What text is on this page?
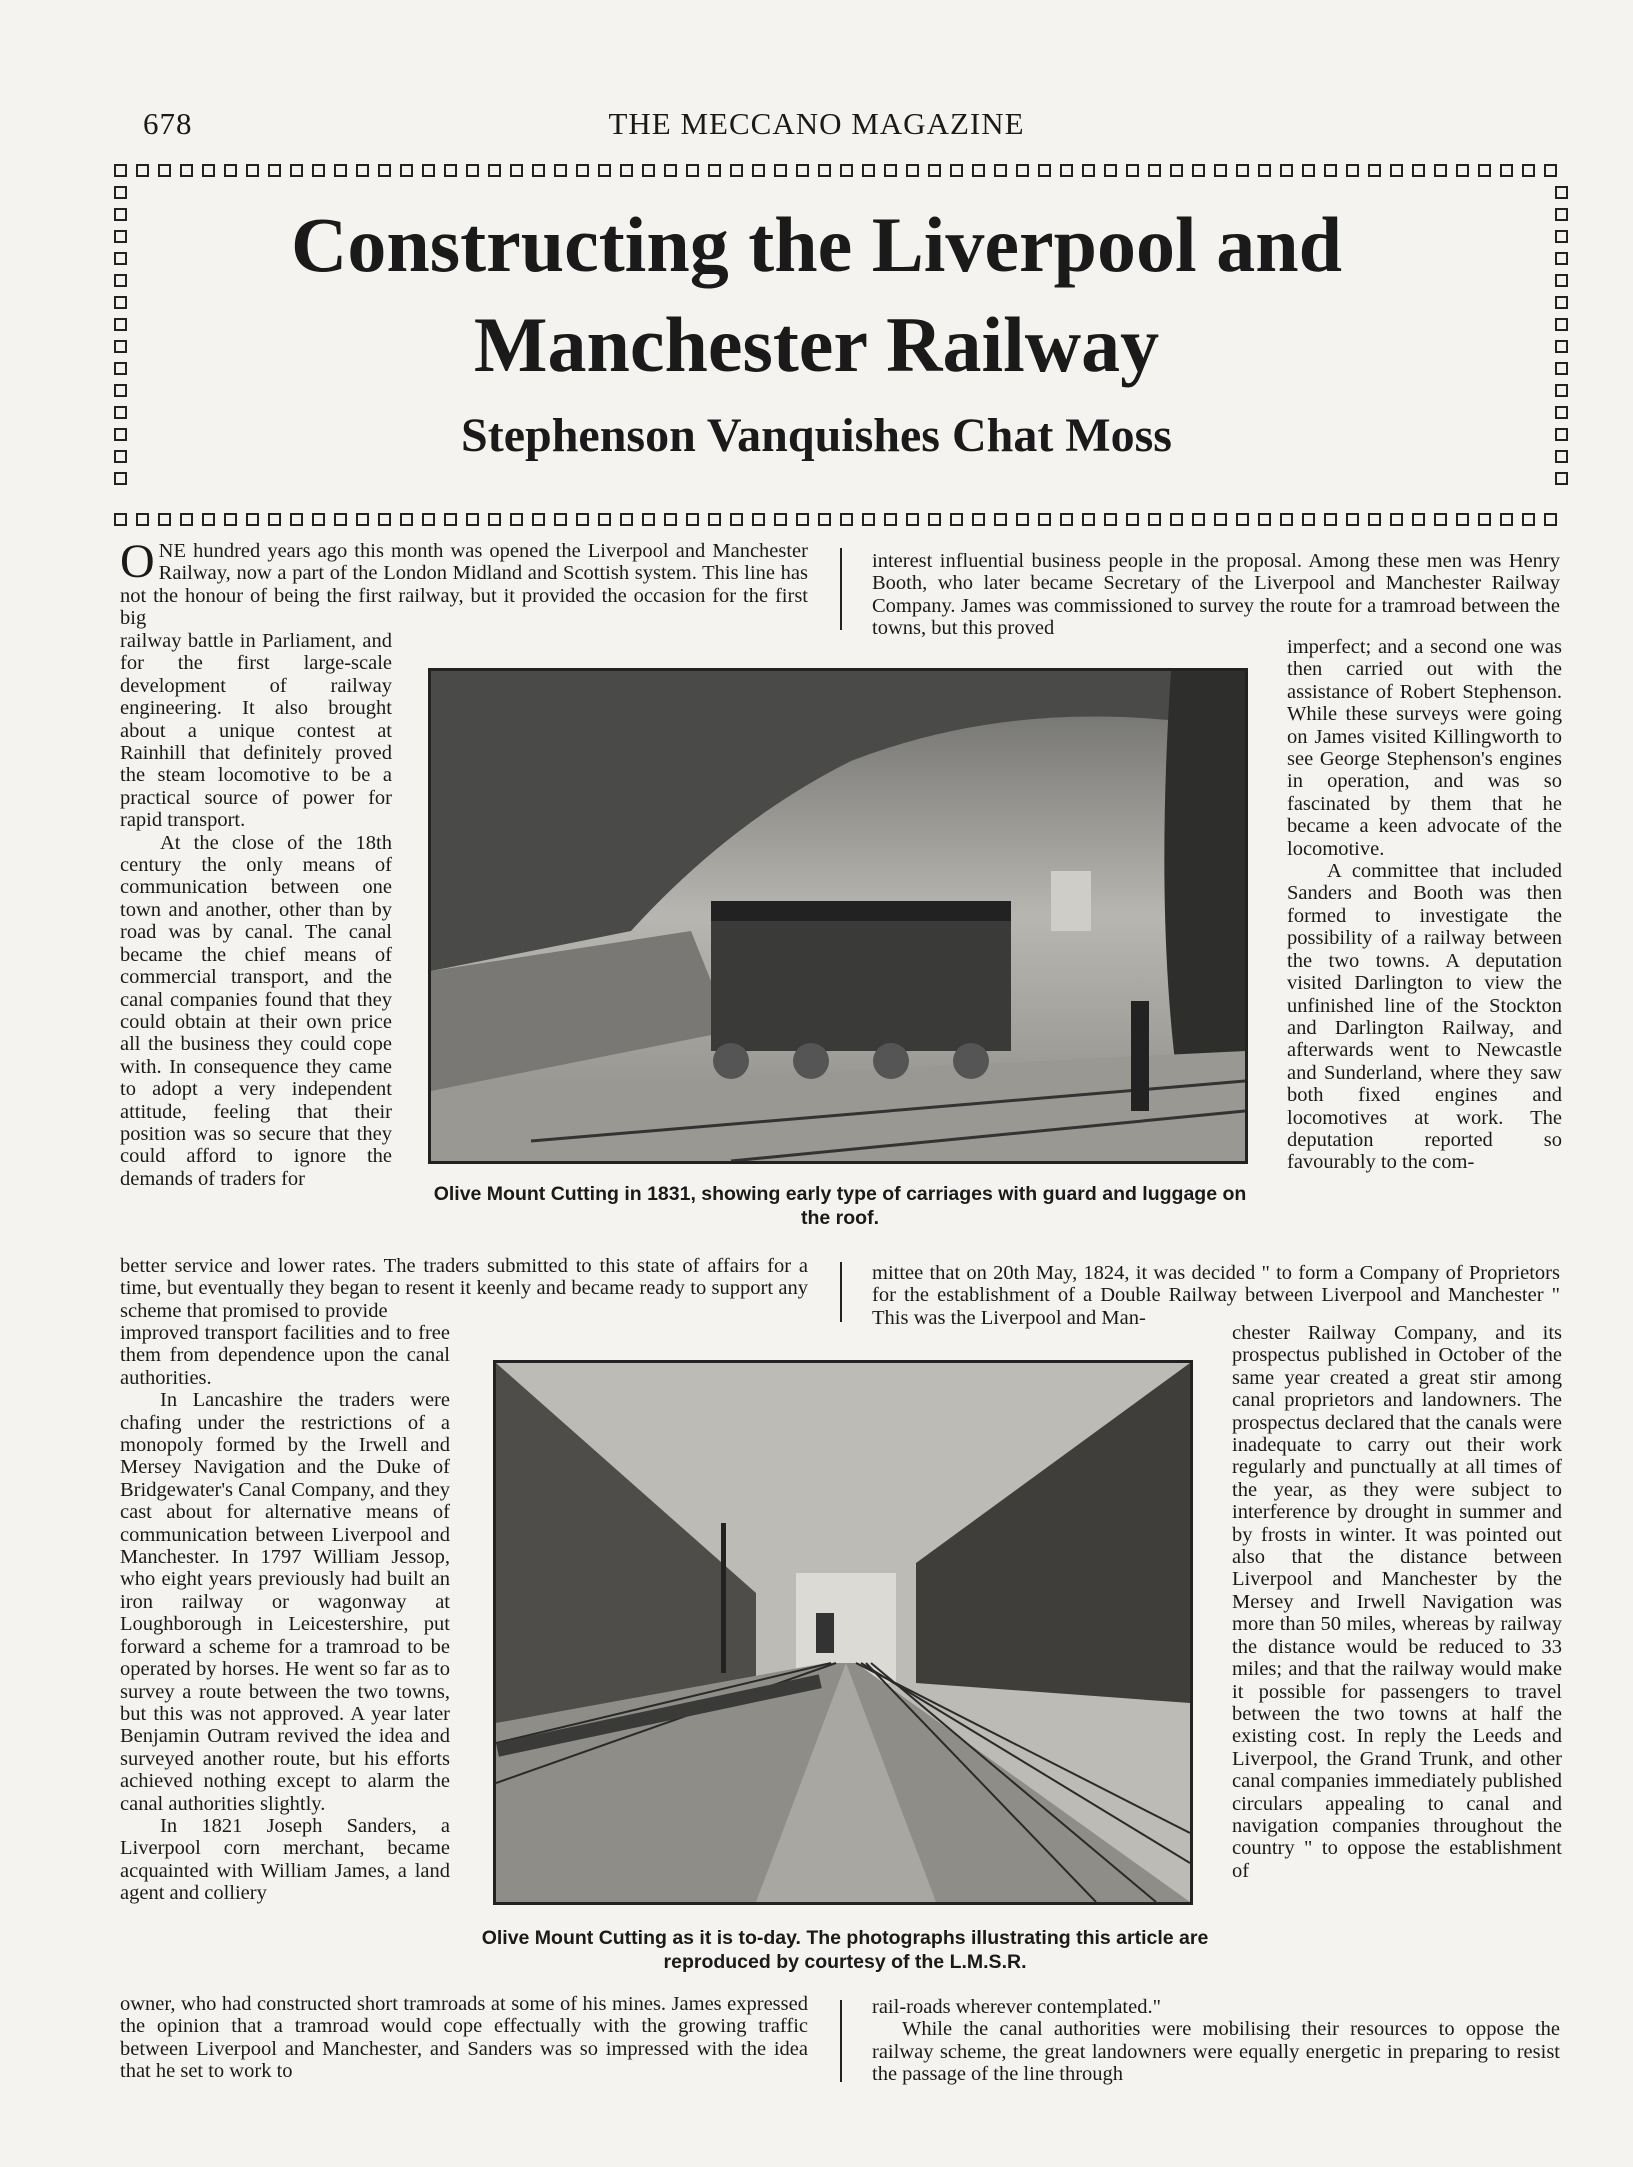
678	THE MECCANO MAGAZINE
Constructing the Liverpool and
Manchester Railway
Stephenson Vanquishes Chat Moss
ONE hundred years ago this month was opened the Liverpool and Manchester Railway, now a part of the London Midland and Scottish system. This line has not the honour of being the first railway, but it provided the occasion for the first big
interest influential business people in the proposal. Among these men was Henry Booth, who later became Secretary of the Liverpool and Manchester Railway Company. James was commissioned to survey the route for a tramroad between the towns, but this proved

railway battle in Parliament, and for the first large-scale development of railway engineering. It also brought about a unique contest at Rainhill that definitely proved the steam locomotive to be a practical source of power for rapid transport.

At the close of the 18th century the only means of communication between one town and another, other than by road was by canal. The canal became the chief means of commercial transport, and the canal companies found that they could obtain at their own price all the business they could cope with. In consequence they came to adopt a very independent attitude, feeling that their position was so secure that they could afford to ignore the demands of traders for

imperfect; and a second one was then carried out with the assistance of Robert Stephenson. While these surveys were going on James visited Killingworth to see George Stephenson's engines in operation, and was so fascinated by them that he became a keen advocate of the locomotive.

A committee that included Sanders and Booth was then formed to investigate the possibility of a railway between the two towns. A deputation visited Darlington to view the unfinished line of the Stockton and Darlington Railway, and afterwards went to Newcastle and Sunderland, where they saw both fixed engines and locomotives at work. The deputation reported so favourably to the com-

Olive Mount Cutting in 1831, showing early type of carriages with guard and luggage on the roof.
better service and lower rates. The traders submitted to this state of affairs for a time, but eventually they began to resent it keenly and became ready to support any scheme that promised to provide
mittee that on 20th May, 1824, it was decided " to form a Company of Proprietors for the establishment of a Double Railway between Liverpool and Manchester " This was the Liverpool and Man-

improved transport facilities and to free them from dependence upon the canal authorities.

In Lancashire the traders were chafing under the restrictions of a monopoly formed by the Irwell and Mersey Navigation and the Duke of Bridgewater's Canal Company, and they cast about for alternative means of communication between Liverpool and Manchester. In 1797 William Jessop, who eight years previously had built an iron railway or wagonway at Loughborough in Leicestershire, put forward a scheme for a tramroad to be operated by horses. He went so far as to survey a route between the two towns, but this was not approved. A year later Benjamin Outram revived the idea and surveyed another route, but his efforts achieved nothing except to alarm the canal authorities slightly.

In 1821 Joseph Sanders, a Liverpool corn merchant, became acquainted with William James, a land agent and colliery

chester Railway Company, and its prospectus published in October of the same year created a great stir among canal proprietors and landowners. The prospectus declared that the canals were inadequate to carry out their work regularly and punctually at all times of the year, as they were subject to interference by drought in summer and by frosts in winter. It was pointed out also that the distance between Liverpool and Manchester by the Mersey and Irwell Navigation was more than 50 miles, whereas by railway the distance would be reduced to 33 miles; and that the railway would make it possible for passengers to travel between the two towns at half the existing cost. In reply the Leeds and Liverpool, the Grand Trunk, and other canal companies immediately published circulars appealing to canal and navigation companies throughout the country " to oppose the establishment of
Olive Mount Cutting as it is to-day. The photographs illustrating this article are reproduced by courtesy of the L.M.S.R.
owner, who had constructed short tramroads at some of his mines. James expressed the opinion that a tramroad would cope effectually with the growing traffic between Liverpool and Manchester, and Sanders was so impressed with the idea that he set to work to

rail-roads wherever contemplated."

While the canal authorities were mobilising their resources to oppose the railway scheme, the great landowners were equally energetic in preparing to resist the passage of the line through
